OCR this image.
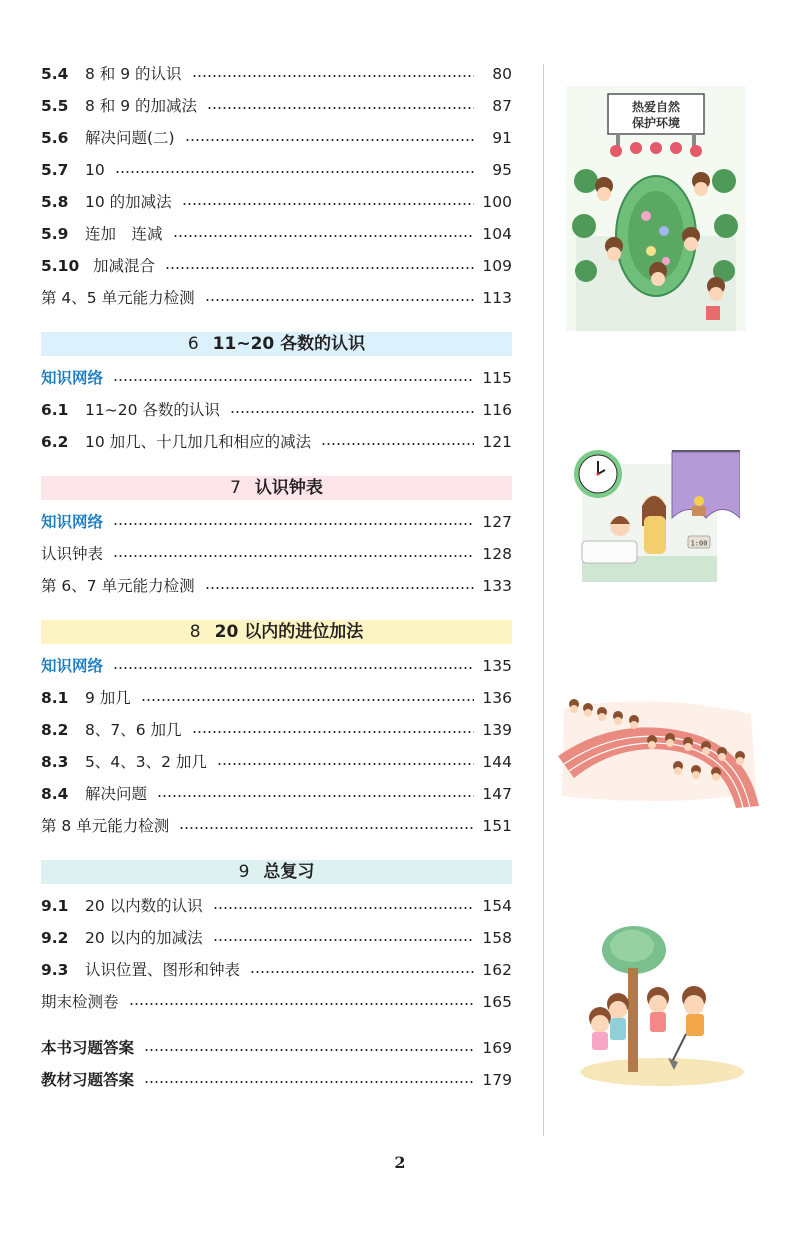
5.4	8 和 9 的认识	80
5.5	8 和 9 的加减法	87
5.6	解决问题(二)	91
5.7	10	95
5.8	10 的加减法	100
5.9	连加　连减	104
5.10 加减混合	109
第 4、5 单元能力检测	113
6 11~20 各数的认识
知识网络	115
6.1	11~20 各数的认识	116
6.2	10 加几、十几加几和相应的减法	121
7 认识钟表
知识网络	127
认识钟表	128
第 6、7 单元能力检测	133
8 20 以内的进位加法
知识网络	135
8.1	9 加几	136
8.2	8、7、6 加几	139
8.3	5、4、3、2 加几	144
8.4	解决问题	147
第 8 单元能力检测	151
9 总复习
9.1	20 以内数的认识	154
9.2	20 以内的加减法	158
9.3	认识位置、图形和钟表	162
期末检测卷	165
本书习题答案	169
教材习题答案	179
热爱自然
保护环境
1:00
2
